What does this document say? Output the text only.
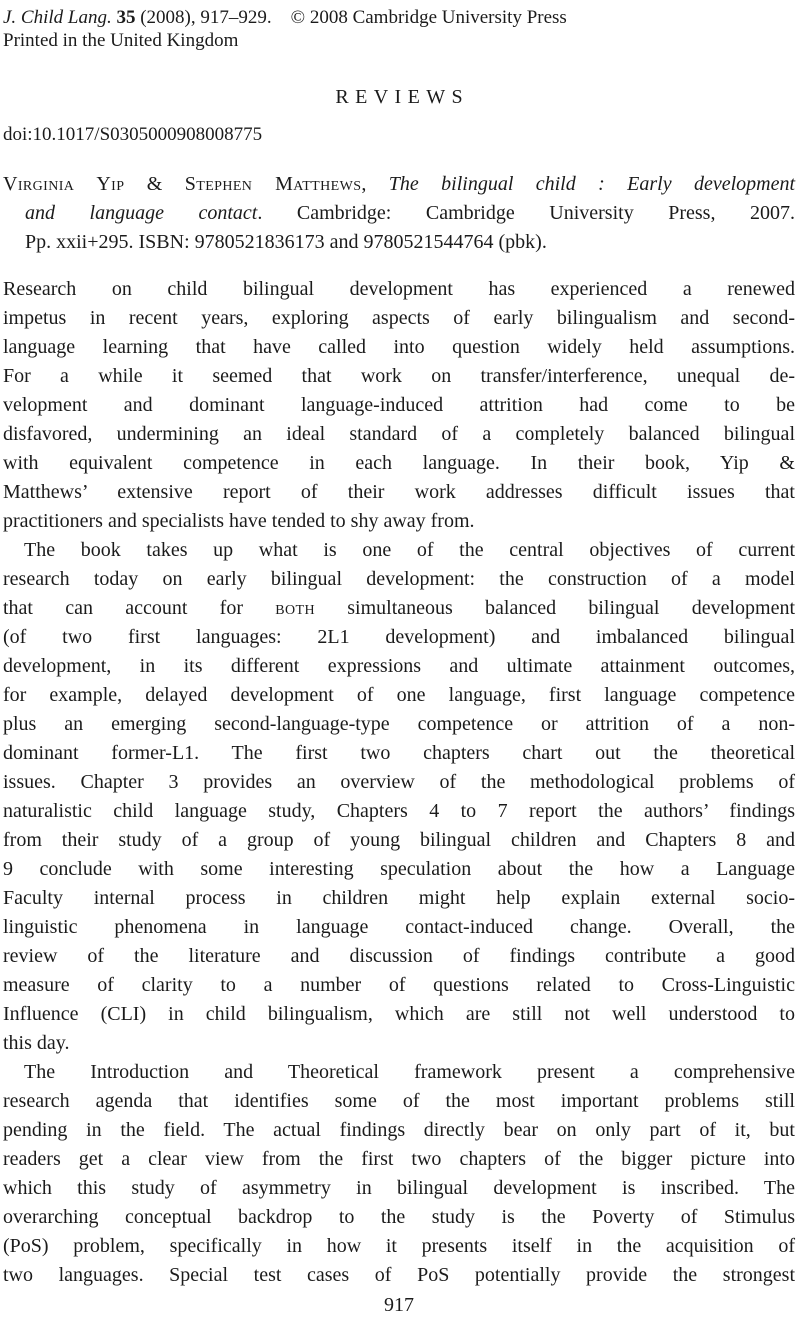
J. Child Lang. 35 (2008), 917–929.  © 2008 Cambridge University Press
Printed in the United Kingdom
REVIEWS
doi:10.1017/S0305000908008775
Virginia Yip & Stephen Matthews, The bilingual child : Early development
and language contact. Cambridge: Cambridge University Press, 2007.
Pp. xxii+295. ISBN: 9780521836173 and 9780521544764 (pbk).
Research on child bilingual development has experienced a renewed
impetus in recent years, exploring aspects of early bilingualism and second-
language learning that have called into question widely held assumptions.
For a while it seemed that work on transfer/interference, unequal de-
velopment and dominant language-induced attrition had come to be
disfavored, undermining an ideal standard of a completely balanced bilingual
with equivalent competence in each language. In their book, Yip &
Matthews’ extensive report of their work addresses difficult issues that
practitioners and specialists have tended to shy away from.
The book takes up what is one of the central objectives of current
research today on early bilingual development: the construction of a model
that can account for both simultaneous balanced bilingual development
(of two first languages: 2L1 development) and imbalanced bilingual
development, in its different expressions and ultimate attainment outcomes,
for example, delayed development of one language, first language competence
plus an emerging second-language-type competence or attrition of a non-
dominant former-L1. The first two chapters chart out the theoretical
issues. Chapter 3 provides an overview of the methodological problems of
naturalistic child language study, Chapters 4 to 7 report the authors’ findings
from their study of a group of young bilingual children and Chapters 8 and
9 conclude with some interesting speculation about the how a Language
Faculty internal process in children might help explain external socio-
linguistic phenomena in language contact-induced change. Overall, the
review of the literature and discussion of findings contribute a good
measure of clarity to a number of questions related to Cross-Linguistic
Influence (CLI) in child bilingualism, which are still not well understood to
this day.
The Introduction and Theoretical framework present a comprehensive
research agenda that identifies some of the most important problems still
pending in the field. The actual findings directly bear on only part of it, but
readers get a clear view from the first two chapters of the bigger picture into
which this study of asymmetry in bilingual development is inscribed. The
overarching conceptual backdrop to the study is the Poverty of Stimulus
(PoS) problem, specifically in how it presents itself in the acquisition of
two languages. Special test cases of PoS potentially provide the strongest
917
